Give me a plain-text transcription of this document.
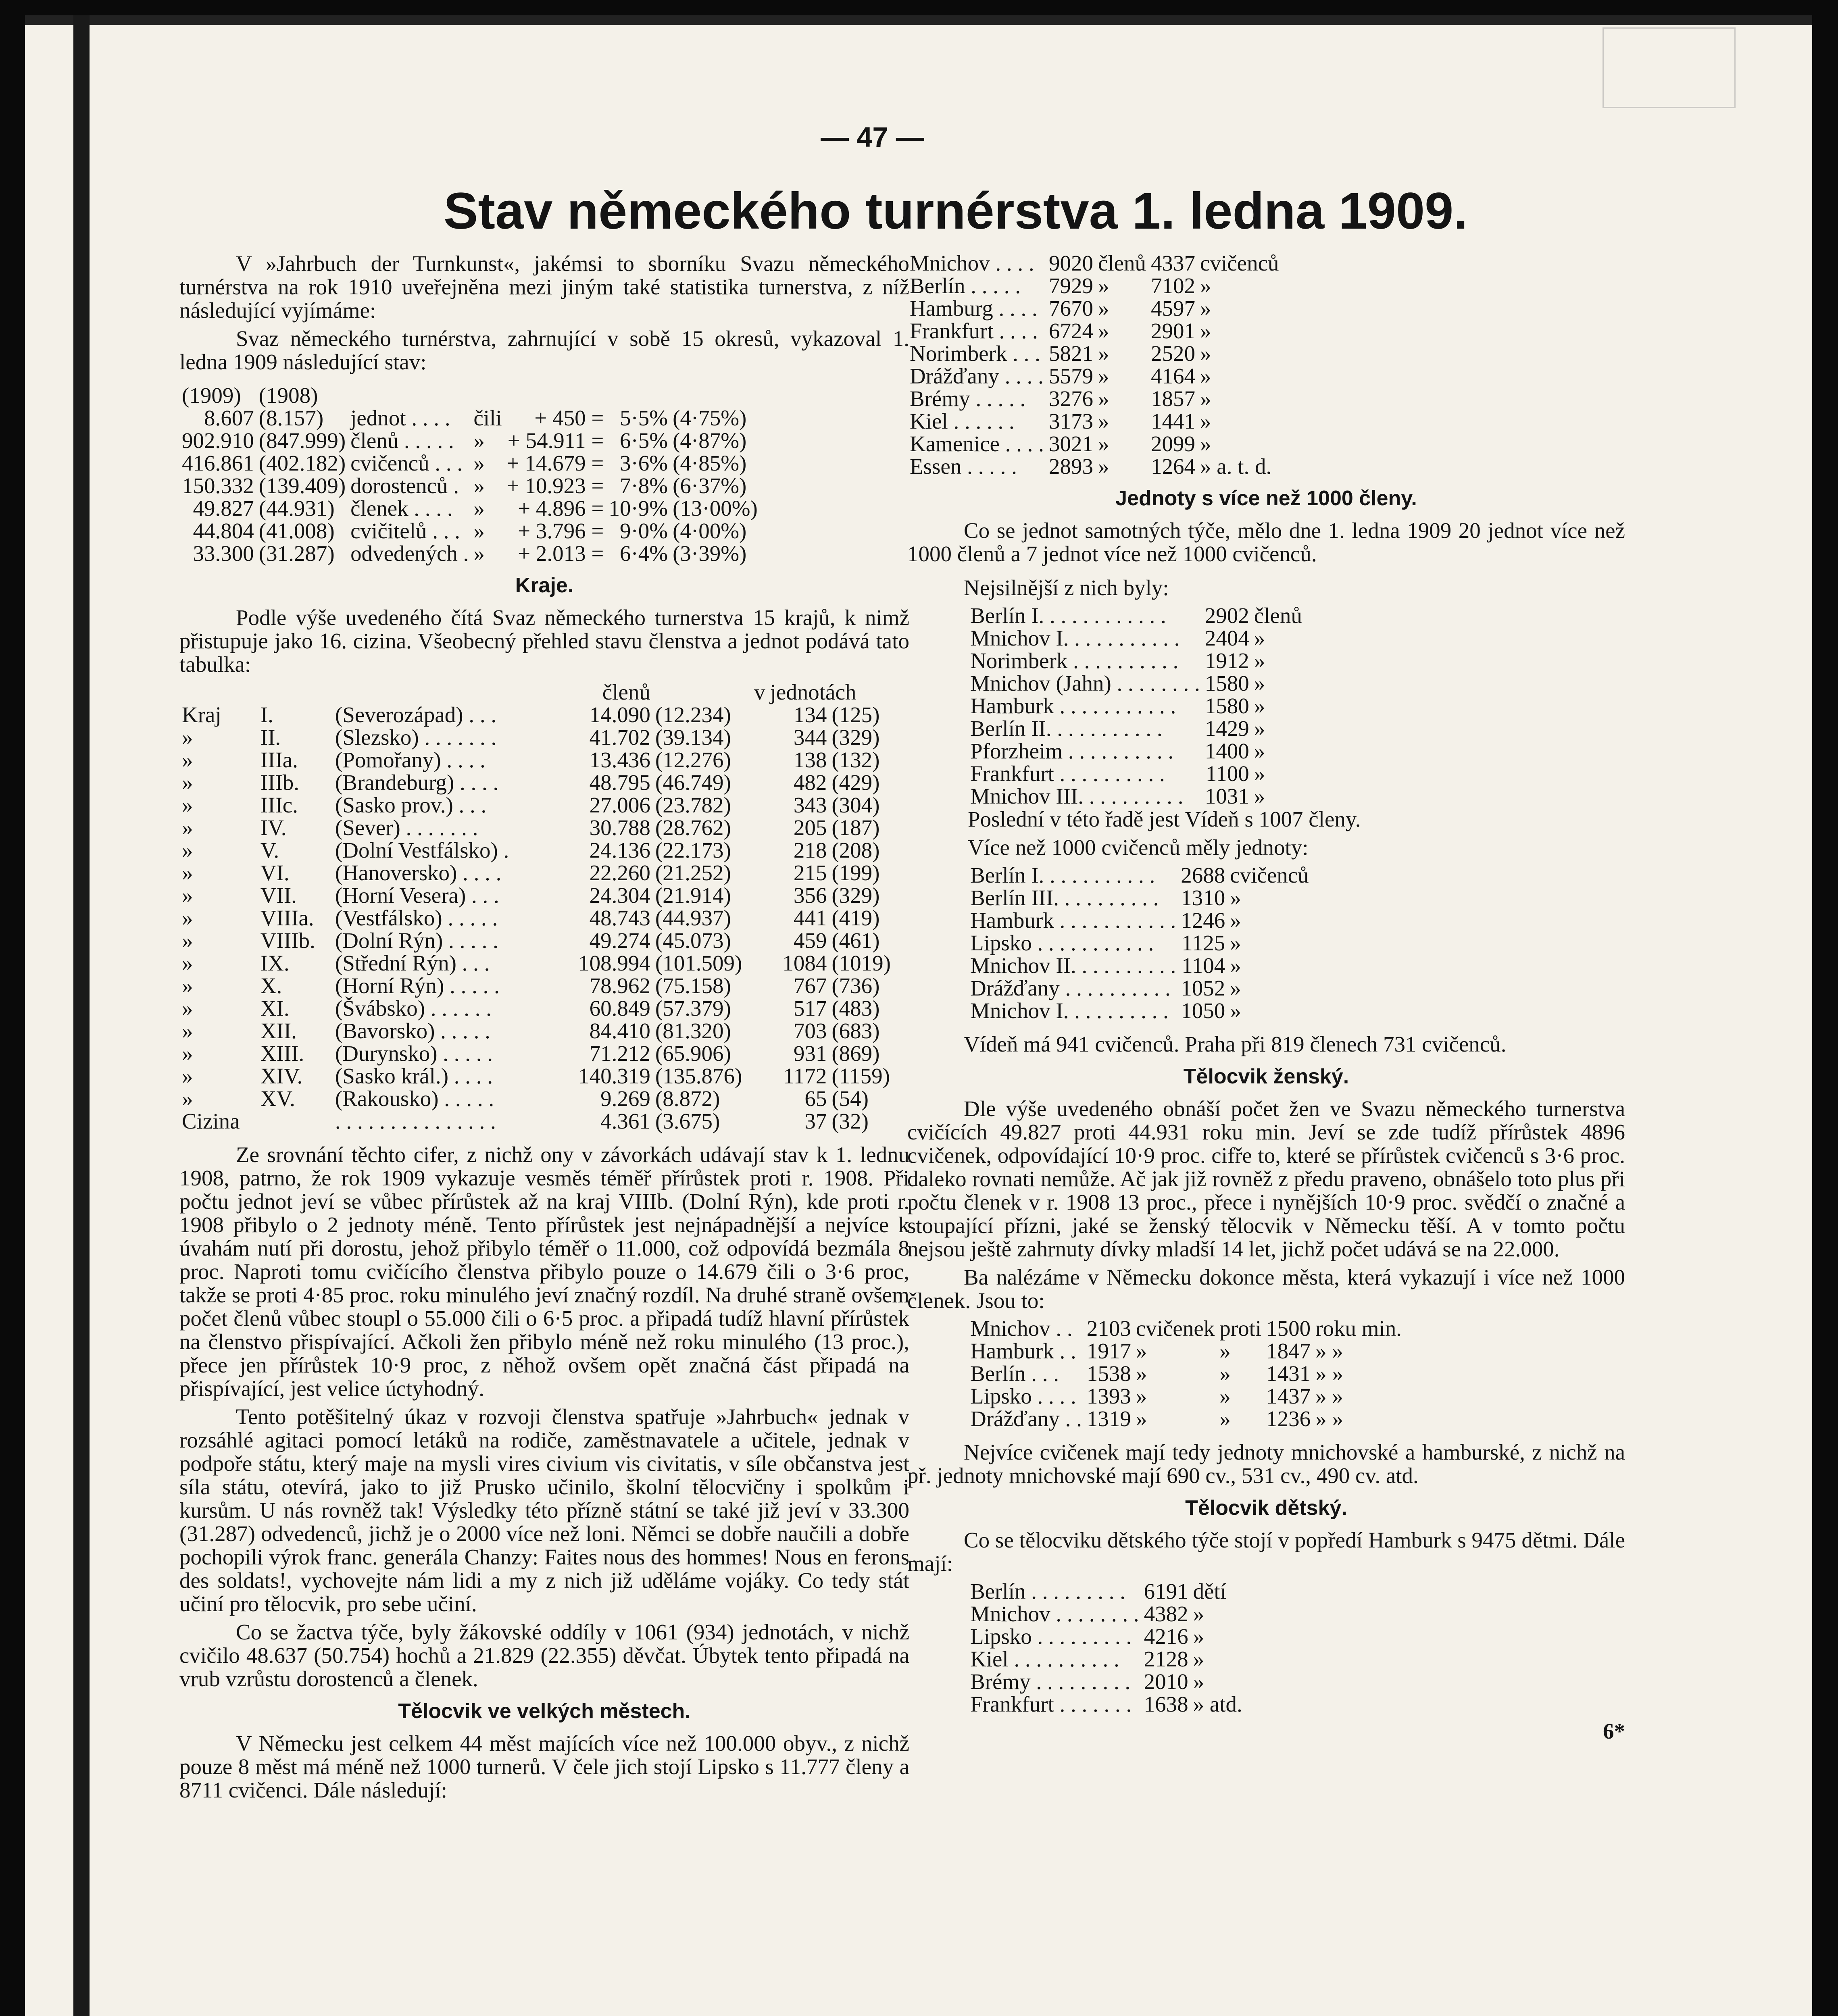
— 47 —
Stav německého turnérstva 1. ledna 1909.

V »Jahrbuch der Turnkunst«, jakémsi to sborníku Svazu německého turnérstva na rok 1910 uveřejněna mezi jiným také statistika turnerstva, z níž následující vyjímáme:

Svaz německého turnérstva, zahrnující v sobě 15 okresů, vykazoval 1. ledna 1909 následující stav:

(1909)	(1908)					
8.607	(8.157)	jednot . . . .	čili	+ 450 =	5·5%	(4·75%)
902.910	(847.999)	členů . . . . .	»	+ 54.911 =	6·5%	(4·87%)
416.861	(402.182)	cvičenců . . .	»	+ 14.679 =	3·6%	(4·85%)
150.332	(139.409)	dorostenců .	»	+ 10.923 =	7·8%	(6·37%)
49.827	(44.931)	členek . . . .	»	+ 4.896 =	10·9%	(13·00%)
44.804	(41.008)	cvičitelů . . .	»	+ 3.796 =	9·0%	(4·00%)
33.300	(31.287)	odvedených .	»	+ 2.013 =	6·4%	(3·39%)
Kraje.

Podle výše uvedeného čítá Svaz německého turnerstva 15 krajů, k nimž přistupuje jako 16. cizina. Všeobecný přehled stavu členstva a jednot podává tato tabulka:

			členů	v	jednotách	
Kraj	I.	(Severozápad) . . .	14.090	(12.234)	134	(125)
»	II.	(Slezsko) . . . . . . .	41.702	(39.134)	344	(329)
»	IIIa.	(Pomořany) . . . .	13.436	(12.276)	138	(132)
»	IIIb.	(Brandeburg) . . . .	48.795	(46.749)	482	(429)
»	IIIc.	(Sasko prov.) . . .	27.006	(23.782)	343	(304)
»	IV.	(Sever) . . . . . . .	30.788	(28.762)	205	(187)
»	V.	(Dolní Vestfálsko) .	24.136	(22.173)	218	(208)
»	VI.	(Hanoversko) . . . .	22.260	(21.252)	215	(199)
»	VII.	(Horní Vesera) . . .	24.304	(21.914)	356	(329)
»	VIIIa.	(Vestfálsko) . . . . .	48.743	(44.937)	441	(419)
»	VIIIb.	(Dolní Rýn) . . . . .	49.274	(45.073)	459	(461)
»	IX.	(Střední Rýn) . . .	108.994	(101.509)	1084	(1019)
»	X.	(Horní Rýn) . . . . .	78.962	(75.158)	767	(736)
»	XI.	(Švábsko) . . . . . .	60.849	(57.379)	517	(483)
»	XII.	(Bavorsko) . . . . .	84.410	(81.320)	703	(683)
»	XIII.	(Durynsko) . . . . .	71.212	(65.906)	931	(869)
»	XIV.	(Sasko král.) . . . .	140.319	(135.876)	1172	(1159)
»	XV.	(Rakousko) . . . . .	9.269	(8.872)	65	(54)
Cizina		. . . . . . . . . . . . . . .	4.361	(3.675)	37	(32)

Ze srovnání těchto cifer, z nichž ony v závorkách udávají stav k 1. lednu 1908, patrno, že rok 1909 vykazuje vesměs téměř přírůstek proti r. 1908. Při počtu jednot jeví se vůbec přírůstek až na kraj VIIIb. (Dolní Rýn), kde proti r. 1908 přibylo o 2 jednoty méně. Tento přírůstek jest nejnápadnější a nejvíce k úvahám nutí při dorostu, jehož přibylo téměř o 11.000, což odpovídá bezmála 8 proc. Naproti tomu cvičícího členstva přibylo pouze o 14.679 čili o 3·6 proc, takže se proti 4·85 proc. roku minulého jeví značný rozdíl. Na druhé straně ovšem počet členů vůbec stoupl o 55.000 čili o 6·5 proc. a připadá tudíž hlavní přírůstek na členstvo přispívající. Ačkoli žen přibylo méně než roku minulého (13 proc.), přece jen přírůstek 10·9 proc, z něhož ovšem opět značná část připadá na přispívající, jest velice úctyhodný.

Tento potěšitelný úkaz v rozvoji členstva spatřuje »Jahrbuch« jednak v rozsáhlé agitaci pomocí letáků na rodiče, zaměstnavatele a učitele, jednak v podpoře státu, který maje na mysli vires civium vis civitatis, v síle občanstva jest síla státu, otevírá, jako to již Prusko učinilo, školní tělocvičny i spolkům i kursům. U nás rovněž tak! Výsledky této přízně státní se také již jeví v 33.300 (31.287) odvedenců, jichž je o 2000 více než loni. Němci se dobře naučili a dobře pochopili výrok franc. generála Chanzy: Faites nous des hommes! Nous en ferons des soldats!, vychovejte nám lidi a my z nich již uděláme vojáky. Co tedy stát učiní pro tělocvik, pro sebe učiní.

Co se žactva týče, byly žákovské oddíly v 1061 (934) jednotách, v nichž cvičilo 48.637 (50.754) hochů a 21.829 (22.355) děvčat. Úbytek tento připadá na vrub vzrůstu dorostenců a členek.

Tělocvik ve velkých městech.

V Německu jest celkem 44 měst majících více než 100.000 obyv., z nichž pouze 8 měst má méně než 1000 turnerů. V čele jich stojí Lipsko s 11.777 členy a 8711 cvičenci. Dále následují:

Mnichov . . . .	9020	členů	4337	cvičenců
Berlín . . . . .	7929	»	7102	»
Hamburg . . . .	7670	»	4597	»
Frankfurt . . . .	6724	»	2901	»
Norimberk . . .	5821	»	2520	»
Drážďany . . . .	5579	»	4164	»
Brémy . . . . .	3276	»	1857	»
Kiel . . . . . .	3173	»	1441	»
Kamenice . . . .	3021	»	2099	»
Essen . . . . .	2893	»	1264	» a. t. d.
Jednoty s více než 1000 členy.

Co se jednot samotných týče, mělo dne 1. ledna 1909 20 jednot více než 1000 členů a 7 jednot více než 1000 cvičenců.

Nejsilnější z nich byly:

Berlín I. . . . . . . . . . . .	2902	členů
Mnichov I. . . . . . . . . . .	2404	»
Norimberk . . . . . . . . . .	1912	»
Mnichov (Jahn) . . . . . . . .	1580	»
Hamburk . . . . . . . . . . .	1580	»
Berlín II. . . . . . . . . . .	1429	»
Pforzheim . . . . . . . . . .	1400	»
Frankfurt . . . . . . . . . .	1100	»
Mnichov III. . . . . . . . . .	1031	»

Poslední v této řadě jest Vídeň s 1007 členy.

Více než 1000 cvičenců měly jednoty:

Berlín I. . . . . . . . . . .	2688	cvičenců
Berlín III. . . . . . . . . .	1310	»
Hamburk . . . . . . . . . . .	1246	»
Lipsko . . . . . . . . . . .	1125	»
Mnichov II. . . . . . . . . .	1104	»
Drážďany . . . . . . . . . .	1052	»
Mnichov I. . . . . . . . . .	1050	»

Vídeň má 941 cvičenců. Praha při 819 členech 731 cvičenců.

Tělocvik ženský.

Dle výše uvedeného obnáší počet žen ve Svazu německého turnerstva cvičících 49.827 proti 44.931 roku min. Jeví se zde tudíž přírůstek 4896 cvičenek, odpovídající 10·9 proc. cifře to, které se přírůstek cvičenců s 3·6 proc. daleko rovnati nemůže. Ač jak již rovněž z předu praveno, obnášelo toto plus při počtu členek v r. 1908 13 proc., přece i nynějších 10·9 proc. svědčí o značné a stoupající přízni, jaké se ženský tělocvik v Německu těší. A v tomto počtu nejsou ještě zahrnuty dívky mladší 14 let, jichž počet udává se na 22.000.

Ba nalézáme v Německu dokonce města, která vykazují i více než 1000 členek. Jsou to:

Mnichov . .	2103	cvičenek	proti	1500	roku min.
Hamburk . .	1917	»	»	1847	» »
Berlín . . .	1538	»	»	1431	» »
Lipsko . . . .	1393	»	»	1437	» »
Drážďany . .	1319	»	»	1236	» »

Nejvíce cvičenek mají tedy jednoty mnichovské a hamburské, z nichž na př. jednoty mnichovské mají 690 cv., 531 cv., 490 cv. atd.

Tělocvik dětský.

Co se tělocviku dětského týče stojí v popředí Hamburk s 9475 dětmi. Dále mají:

Berlín . . . . . . . . .	6191	dětí
Mnichov . . . . . . . .	4382	»
Lipsko . . . . . . . . .	4216	»
Kiel . . . . . . . . . .	2128	»
Brémy . . . . . . . . .	2010	»
Frankfurt . . . . . . .	1638	» atd.
6*
